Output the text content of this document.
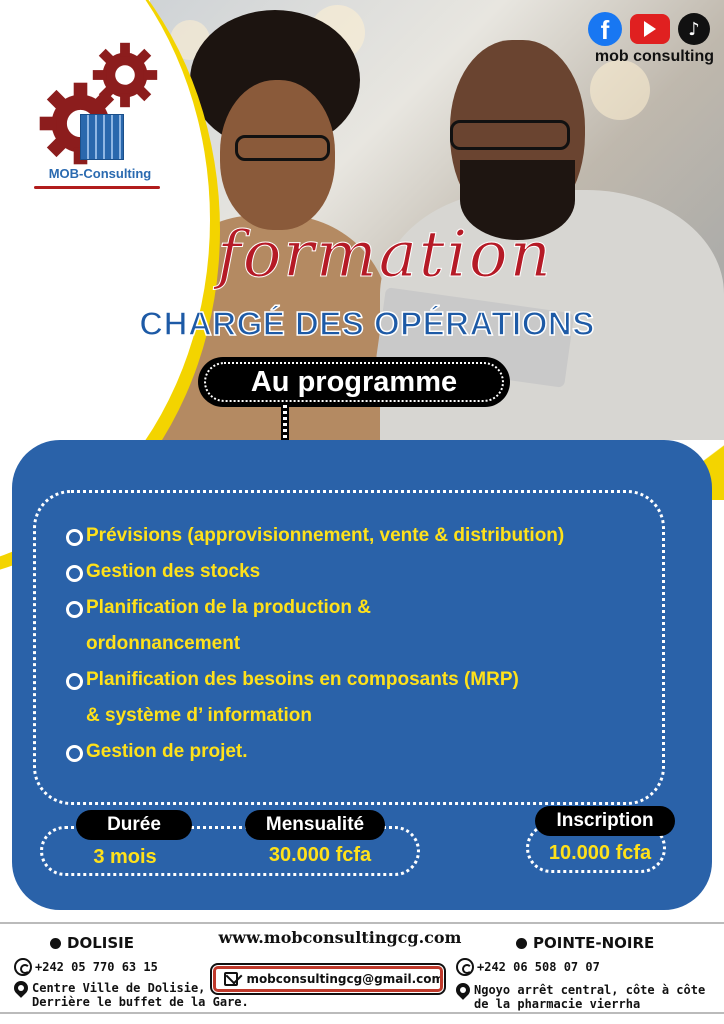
MOB-Consulting
f	♪
mob consulting
formation
CHARGÉ DES OPÉRATIONS
Au programme
Prévisions (approvisionnement, vente & distribution)
Gestion des stocks
Planification de la production & ordonnancement
Planification des besoins en composants (MRP) & système d’ information
Gestion de projet.
Durée
3 mois
Mensualité
30.000 fcfa
Inscription
10.000 fcfa
DOLISIE	www.mobconsultingcg.com	POINTE-NOIRE
+242 05 770 63 15	+242 06 508 07 07
mobconsultingcg@gmail.com
Centre Ville de Dolisie,
Derrière le buffet de la Gare.
Ngoyo arrêt central, côte à côte
de la pharmacie vierrha
